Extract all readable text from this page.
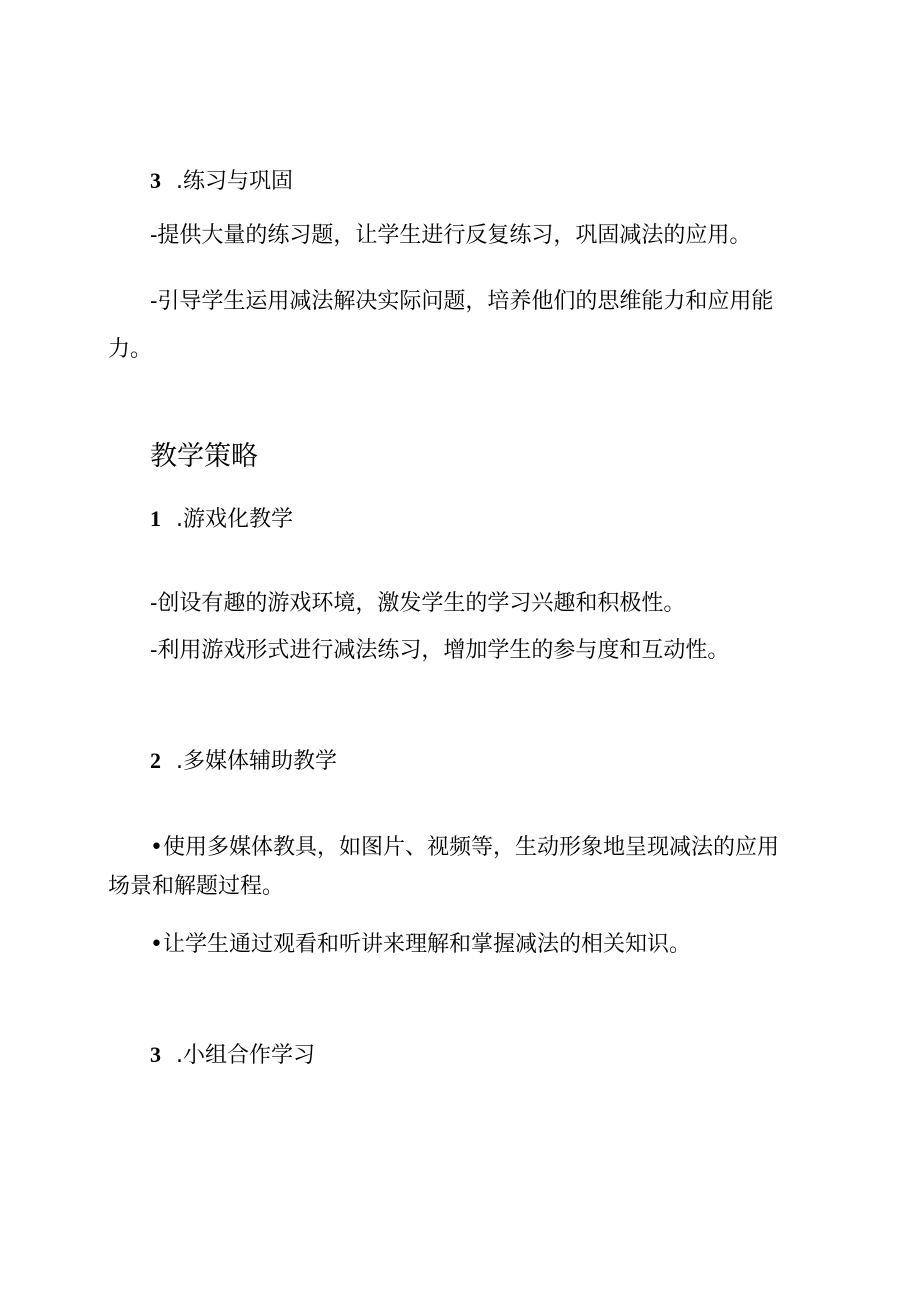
3 .练习与巩固

-提供大量的练习题，让学生进行反复练习，巩固减法的应用。

-引导学生运用减法解决实际问题，培养他们的思维能力和应用能
力。

教学策略
1 .游戏化教学

-创设有趣的游戏环境，激发学生的学习兴趣和积极性。

-利用游戏形式进行减法练习，增加学生的参与度和互动性。

2 .多媒体辅助教学

•使用多媒体教具，如图片、视频等，生动形象地呈现减法的应用
场景和解题过程。

•让学生通过观看和听讲来理解和掌握减法的相关知识。

3 .小组合作学习
